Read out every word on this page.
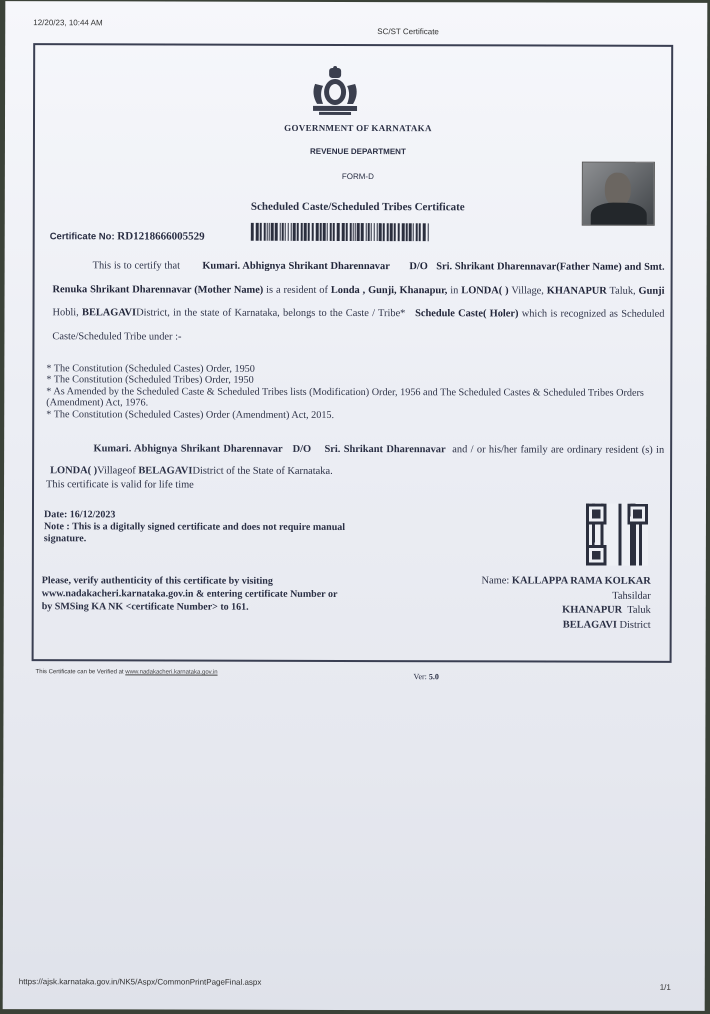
12/20/23, 10:44 AM
SC/ST Certificate
GOVERNMENT OF KARNATAKA
REVENUE DEPARTMENT
FORM-D
Scheduled Caste/Scheduled Tribes Certificate
Certificate No: RD1218666005529
This is to certify that Kumari. Abhignya Shrikant Dharennavar D/O Sri. Shrikant Dharennavar(Father Name) and Smt. Renuka Shrikant Dharennavar (Mother Name) is a resident of Londa , Gunji, Khanapur, in LONDA( ) Village, KHANAPUR Taluk, Gunji Hobli, BELAGAVIDistrict, in the state of Karnataka, belongs to the Caste / Tribe* Schedule Caste( Holer) which is recognized as Scheduled Caste/Scheduled Tribe under :-
* The Constitution (Scheduled Castes) Order, 1950
* The Constitution (Scheduled Tribes) Order, 1950
* As Amended by the Scheduled Caste & Scheduled Tribes lists (Modification) Order, 1956 and The Scheduled Castes & Scheduled Tribes Orders (Amendment) Act, 1976.
* The Constitution (Scheduled Castes) Order (Amendment) Act, 2015.
Kumari. Abhignya Shrikant Dharennavar D/O Sri. Shrikant Dharennavar and / or his/her family are ordinary resident (s) in LONDA( )Villageof BELAGAVIDistrict of the State of Karnataka.
This certificate is valid for life time
Date: 16/12/2023
Note : This is a digitally signed certificate and does not require manual signature.
Please, verify authenticity of this certificate by visiting www.nadakacheri.karnataka.gov.in & entering certificate Number or by SMSing KA NK <certificate Number> to 161.
Name: KALLAPPA RAMA KOLKAR
Tahsildar
KHANAPUR Taluk
BELAGAVI District
This Certificate can be Verified at www.nadakacheri.karnataka.gov.in	Ver: 5.0
https://ajsk.karnataka.gov.in/NK5/Aspx/CommonPrintPageFinal.aspx
1/1
